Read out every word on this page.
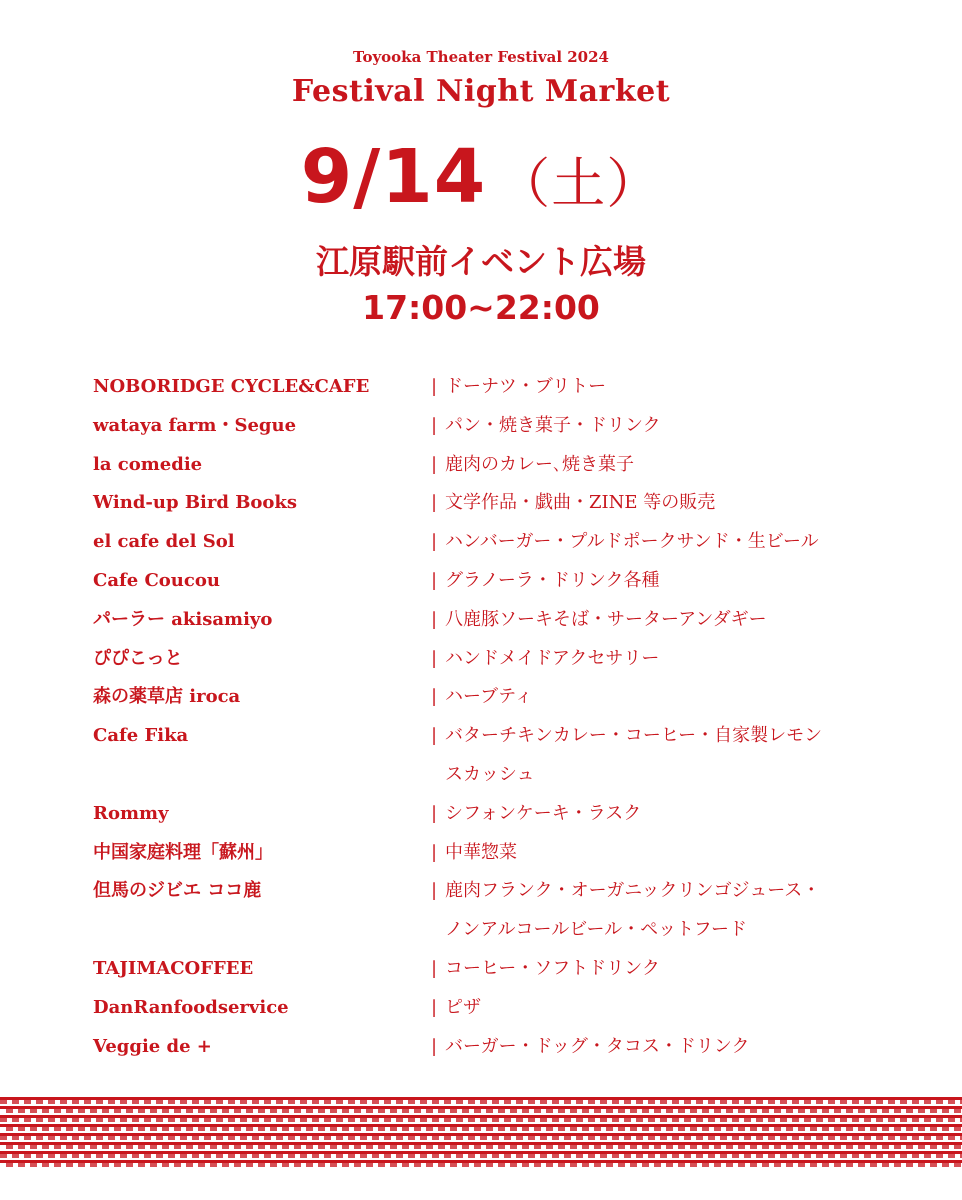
Toyooka Theater Festival 2024
Festival Night Market
9/14 （土）
江原駅前イベント広場
17:00~22:00
NOBORIDGE CYCLE&CAFE	| ドーナツ・ブリトー
wataya farm・Segue	| パン・焼き菓子・ドリンク
la comedie	| 鹿肉のカレー､焼き菓子
Wind-up Bird Books	| 文学作品・戯曲・ZINE 等の販売
el cafe del Sol	| ハンバーガー・プルドポークサンド・生ビール
Cafe Coucou	| グラノーラ・ドリンク各種
パーラー akisamiyo	| 八鹿豚ソーキそば・サーターアンダギー
ぴぴこっと	| ハンドメイドアクセサリー
森の薬草店 iroca	| ハーブティ
Cafe Fika	| バターチキンカレー・コーヒー・自家製レモン
スカッシュ
Rommy	| シフォンケーキ・ラスク
中国家庭料理「蘇州」	| 中華惣菜
但馬のジビエ ココ鹿	| 鹿肉フランク・オーガニックリンゴジュース・
ノンアルコールビール・ペットフード
TAJIMACOFFEE	| コーヒー・ソフトドリンク
DanRanfoodservice	| ピザ
Veggie de +	| バーガー・ドッグ・タコス・ドリンク
